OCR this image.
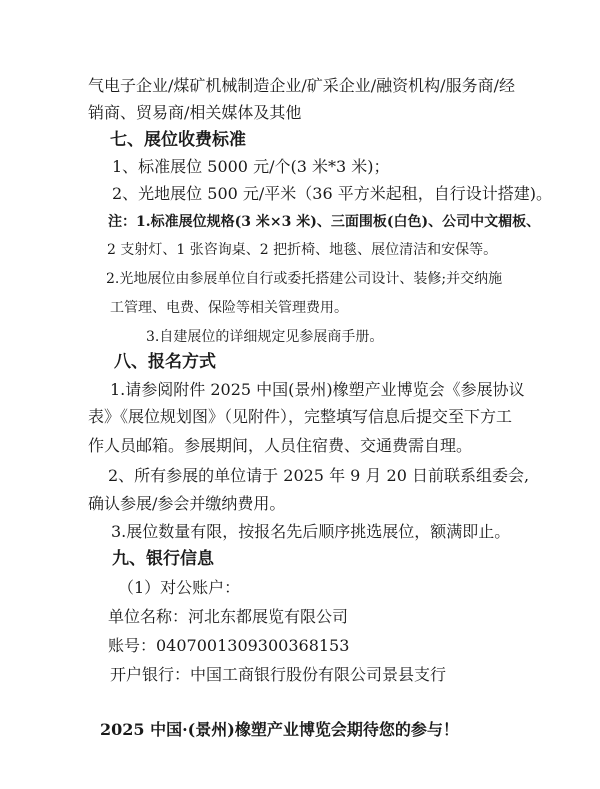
气电子企业/煤矿机械制造企业/矿采企业/融资机构/服务商/经
销商、贸易商/相关媒体及其他
七、展位收费标准
1、标准展位 5000 元/个(3 米*3 米)；
2、光地展位 500 元/平米（36 平方米起租，自行设计搭建)。
注：1.标准展位规格(3 米×3 米)、三面围板(白色)、公司中文楣板、
2 支射灯、1 张咨询桌、2 把折椅、地毯、展位清洁和安保等。
2.光地展位由参展单位自行或委托搭建公司设计、装修;并交纳施
工管理、电费、保险等相关管理费用。
3.自建展位的详细规定见参展商手册。
八、报名方式
1.请参阅附件 2025 中国(景州)橡塑产业博览会《参展协议
表》《展位规划图》（见附件），完整填写信息后提交至下方工
作人员邮箱。参展期间，人员住宿费、交通费需自理。
2、所有参展的单位请于 2025 年 9 月 20 日前联系组委会,
确认参展/参会并缴纳费用。
3.展位数量有限，按报名先后顺序挑选展位，额满即止。
九、银行信息
（1）对公账户：
单位名称：河北东都展览有限公司
账号：0407001309300368153
开户银行：中国工商银行股份有限公司景县支行
2025 中国·(景州)橡塑产业博览会期待您的参与！
